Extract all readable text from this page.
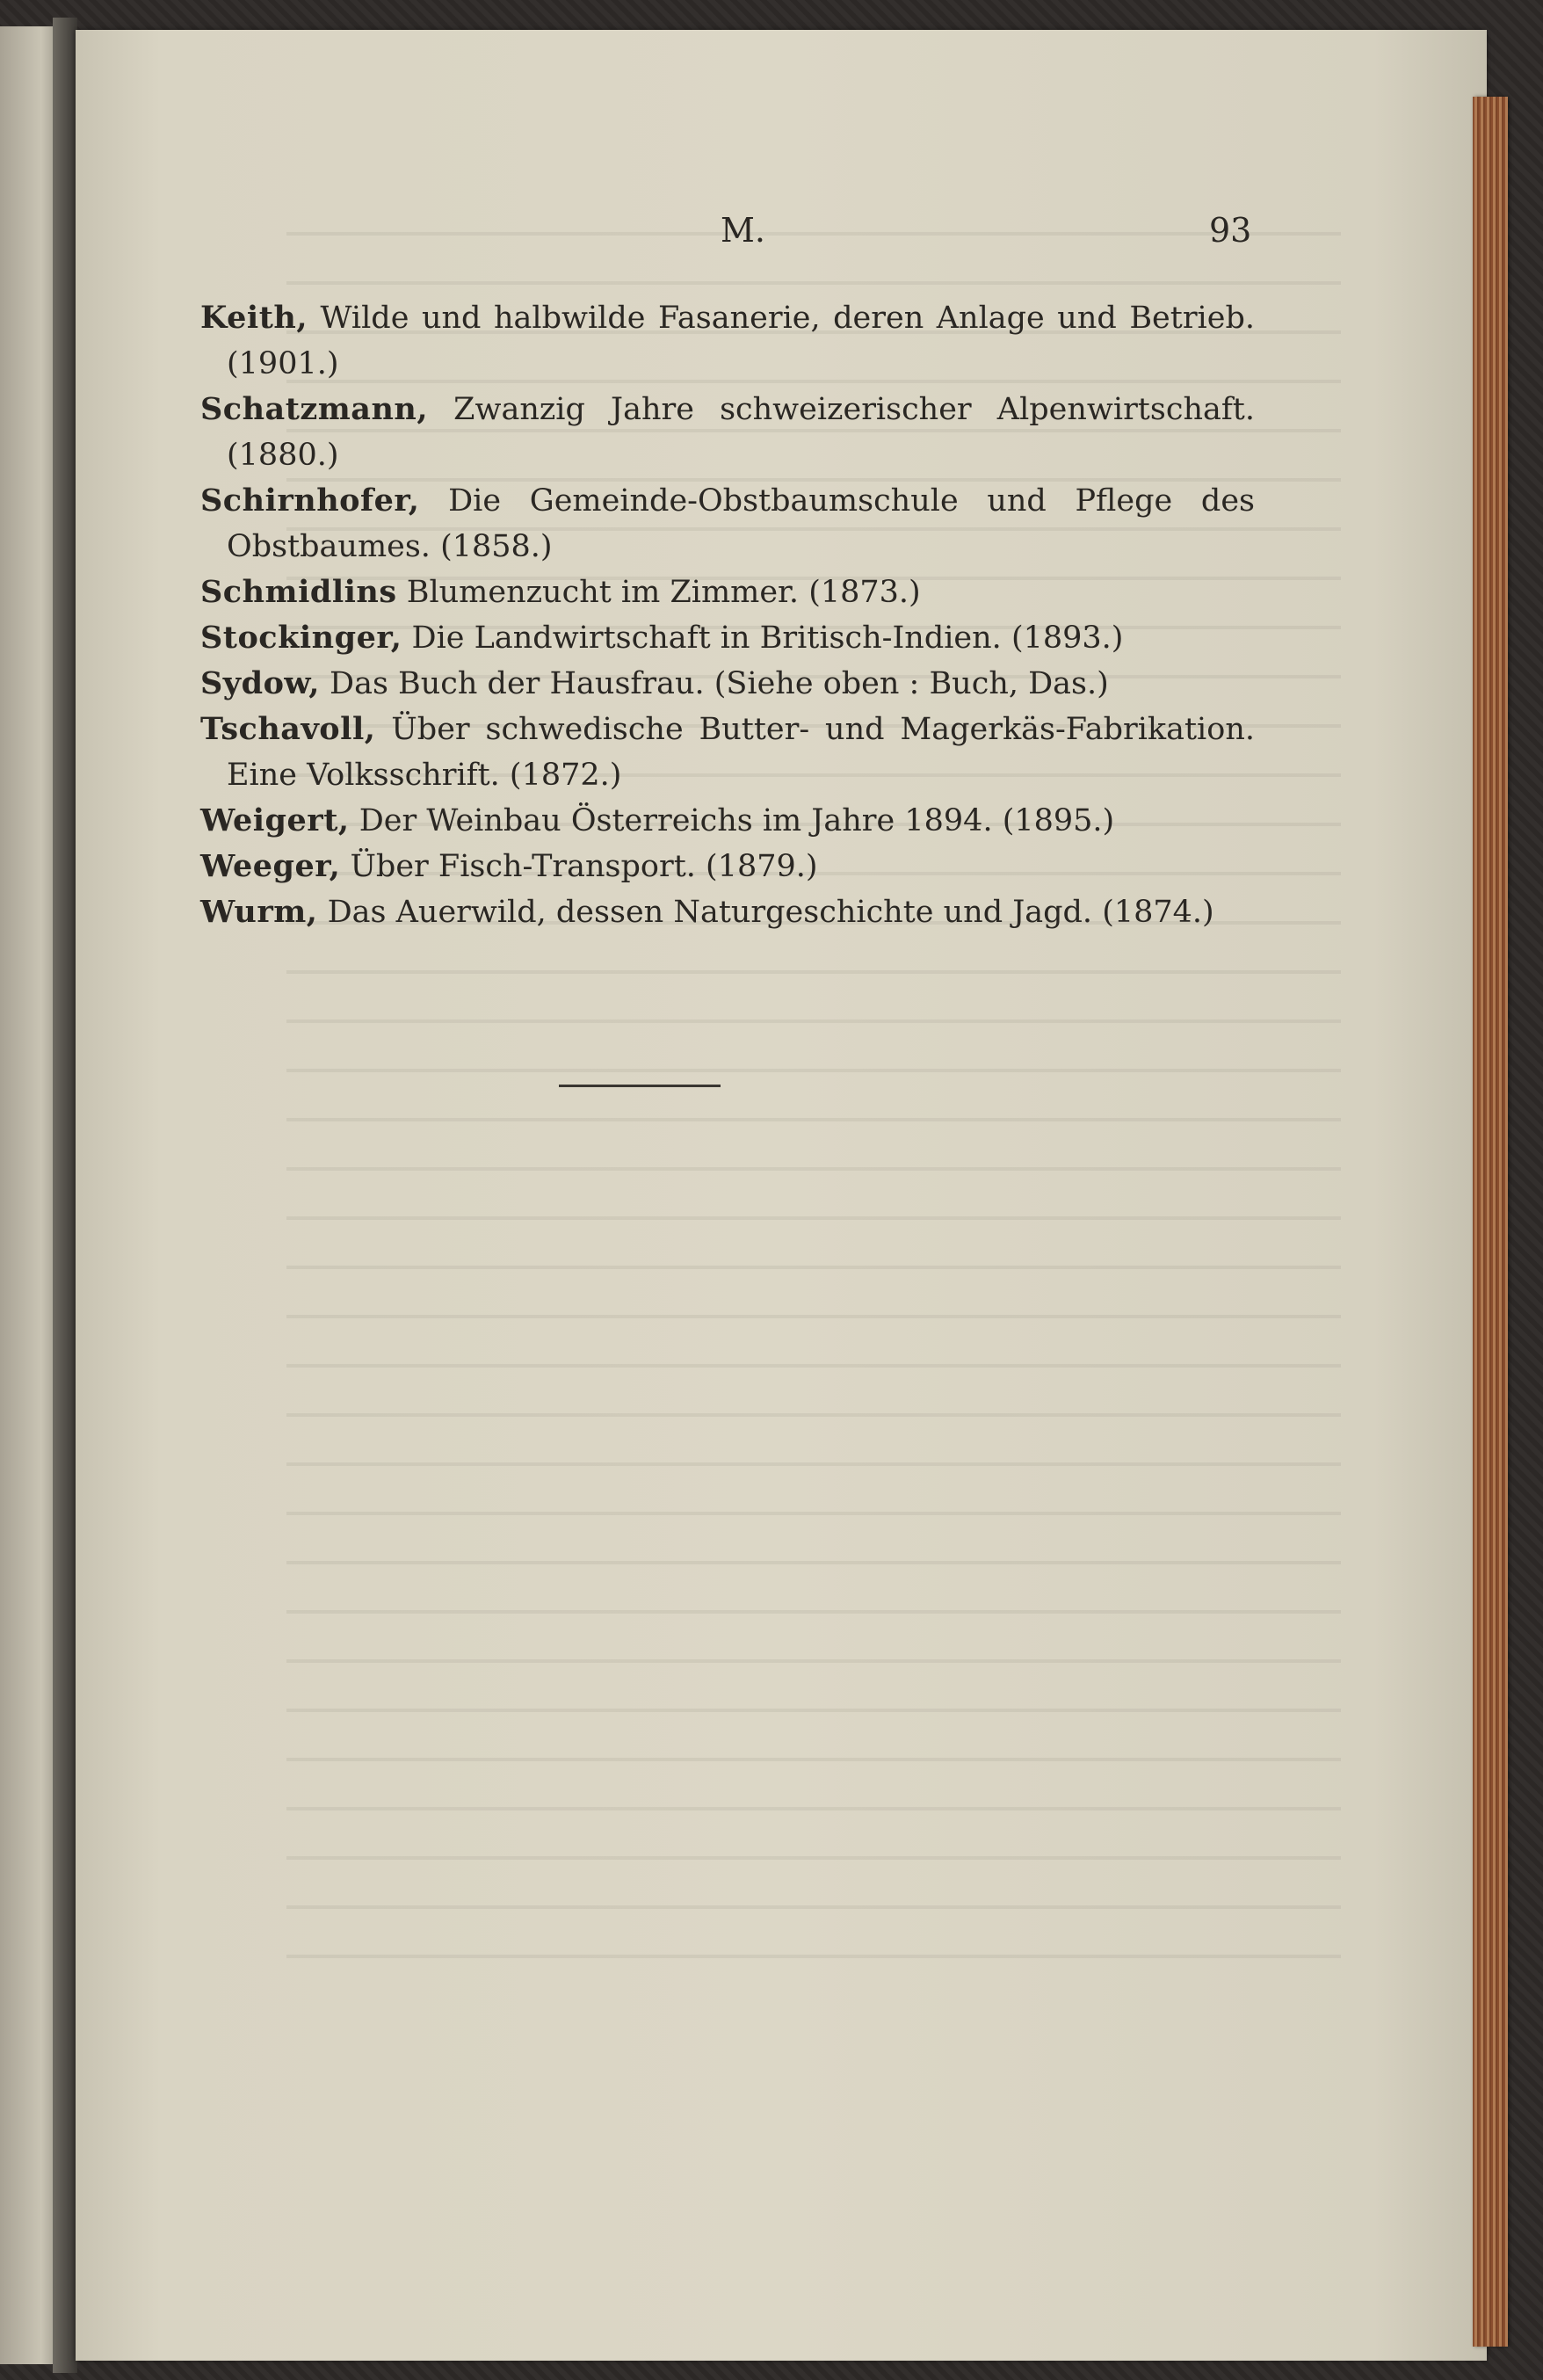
M.	93
Keith, Wilde und halbwilde Fasanerie, deren Anlage und Betrieb. (1901.)
Schatzmann, Zwanzig Jahre schweizerischer Alpenwirtschaft. (1880.)
Schirnhofer, Die Gemeinde-Obstbaumschule und Pflege des Obstbaumes. (1858.)
Schmidlins Blumenzucht im Zimmer. (1873.)
Stockinger, Die Landwirtschaft in Britisch-Indien. (1893.)
Sydow, Das Buch der Hausfrau. (Siehe oben : Buch, Das.)
Tschavoll, Über schwedische Butter- und Magerkäs-Fabrikation. Eine Volksschrift. (1872.)
Weigert, Der Weinbau Österreichs im Jahre 1894. (1895.)
Weeger, Über Fisch-Transport. (1879.)
Wurm, Das Auerwild, dessen Naturgeschichte und Jagd. (1874.)
